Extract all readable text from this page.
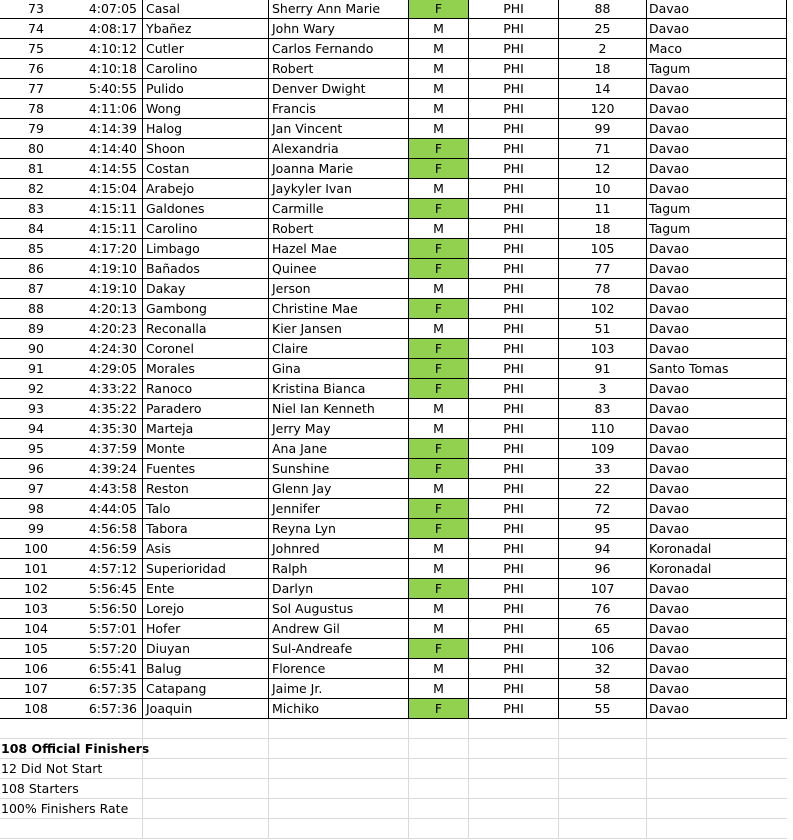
73	4:07:05 Casal	Sherry Ann Marie	F	PHI	88	Davao
74	4:08:17 Ybañez	John Wary	M	PHI	25	Davao
75	4:10:12 Cutler	Carlos Fernando	M	PHI	2	Maco
76	4:10:18 Carolino	Robert	M	PHI	18	Tagum
77	5:40:55 Pulido	Denver Dwight	M	PHI	14	Davao
78	4:11:06 Wong	Francis	M	PHI	120	Davao
79	4:14:39 Halog	Jan Vincent	M	PHI	99	Davao
80	4:14:40 Shoon	Alexandria	F	PHI	71	Davao
81	4:14:55 Costan	Joanna Marie	F	PHI	12	Davao
82	4:15:04 Arabejo	Jaykyler Ivan	M	PHI	10	Davao
83	4:15:11 Galdones	Carmille	F	PHI	11	Tagum
84	4:15:11 Carolino	Robert	M	PHI	18	Tagum
85	4:17:20 Limbago	Hazel Mae	F	PHI	105	Davao
86	4:19:10 Bañados	Quinee	F	PHI	77	Davao
87	4:19:10 Dakay	Jerson	M	PHI	78	Davao
88	4:20:13 Gambong	Christine Mae	F	PHI	102	Davao
89	4:20:23 Reconalla	Kier Jansen	M	PHI	51	Davao
90	4:24:30 Coronel	Claire	F	PHI	103	Davao
91	4:29:05 Morales	Gina	F	PHI	91	Santo Tomas
92	4:33:22 Ranoco	Kristina Bianca	F	PHI	3	Davao
93	4:35:22 Paradero	Niel Ian Kenneth	M	PHI	83	Davao
94	4:35:30 Marteja	Jerry May	M	PHI	110	Davao
95	4:37:59 Monte	Ana Jane	F	PHI	109	Davao
96	4:39:24 Fuentes	Sunshine	F	PHI	33	Davao
97	4:43:58 Reston	Glenn Jay	M	PHI	22	Davao
98	4:44:05 Talo	Jennifer	F	PHI	72	Davao
99	4:56:58 Tabora	Reyna Lyn	F	PHI	95	Davao
100	4:56:59 Asis	Johnred	M	PHI	94	Koronadal
101	4:57:12 Superioridad	Ralph	M	PHI	96	Koronadal
102	5:56:45 Ente	Darlyn	F	PHI	107	Davao
103	5:56:50 Lorejo	Sol Augustus	M	PHI	76	Davao
104	5:57:01 Hofer	Andrew Gil	M	PHI	65	Davao
105	5:57:20 Diuyan	Sul-Andreafe	F	PHI	106	Davao
106	6:55:41 Balug	Florence	M	PHI	32	Davao
107	6:57:35 Catapang	Jaime Jr.	M	PHI	58	Davao
108	6:57:36 Joaquin	Michiko	F	PHI	55	Davao
108 Official Finishers
12 Did Not Start
108 Starters
100% Finishers Rate
